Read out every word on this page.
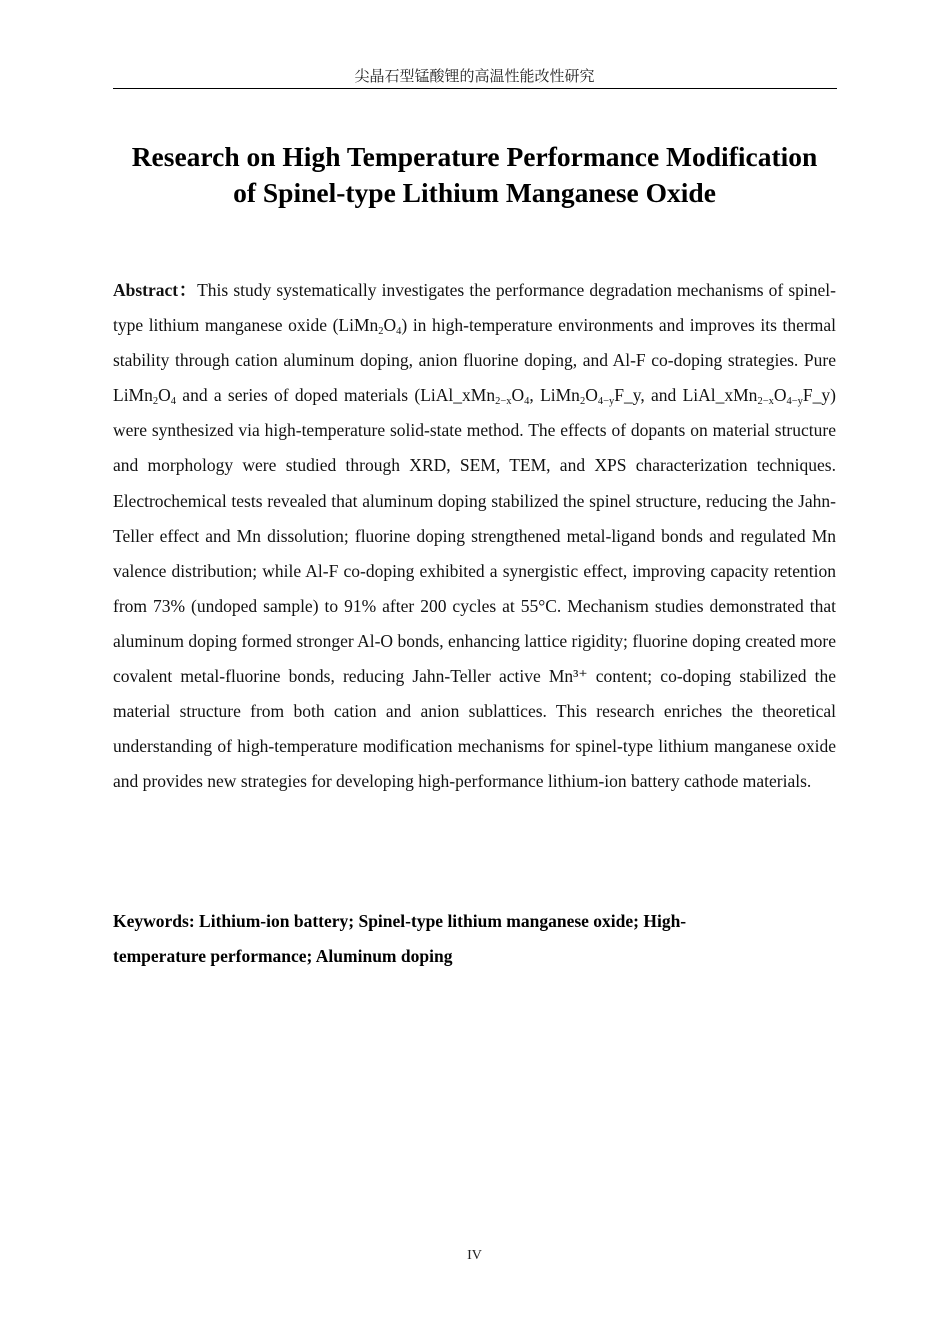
尖晶石型锰酸锂的高温性能改性研究
Research on High Temperature Performance Modification
of Spinel-type Lithium Manganese Oxide

Abstract：This study systematically investigates the performance degradation mechanisms of spinel-type lithium manganese oxide $(LiMn_2O_4)$ in high-temperature environments and improves its thermal stability through cation aluminum doping, anion fluorine doping, and Al-F co-doping strategies. Pure $LiMn_2O_4$ and a series of doped materials ($LiAl\_xMn_{2-x}O_4$, $LiMn_2O_{4-y}F\_y$, and $LiAl\_xMn_{2-x}O_{4-y}F\_y$) were synthesized via high-temperature solid-state method. The effects of dopants on material structure and morphology were studied through XRD, SEM, TEM, and XPS characterization techniques. Electrochemical tests revealed that aluminum doping stabilized the spinel structure, reducing the Jahn-Teller effect and Mn dissolution; fluorine doping strengthened metal-ligand bonds and regulated Mn valence distribution; while Al-F co-doping exhibited a synergistic effect, improving capacity retention from 73% (undoped sample) to 91% after 200 cycles at 55°C. Mechanism studies demonstrated that aluminum doping formed stronger Al-O bonds, enhancing lattice rigidity; fluorine doping created more covalent metal-fluorine bonds, reducing Jahn-Teller active Mn³⁺ content; co-doping stabilized the material structure from both cation and anion sublattices. This research enriches the theoretical understanding of high-temperature modification mechanisms for spinel-type lithium manganese oxide and provides new strategies for developing high-performance lithium-ion battery cathode materials.

Keywords: Lithium-ion battery; Spinel-type lithium manganese oxide; High-
temperature performance; Aluminum doping
IV
